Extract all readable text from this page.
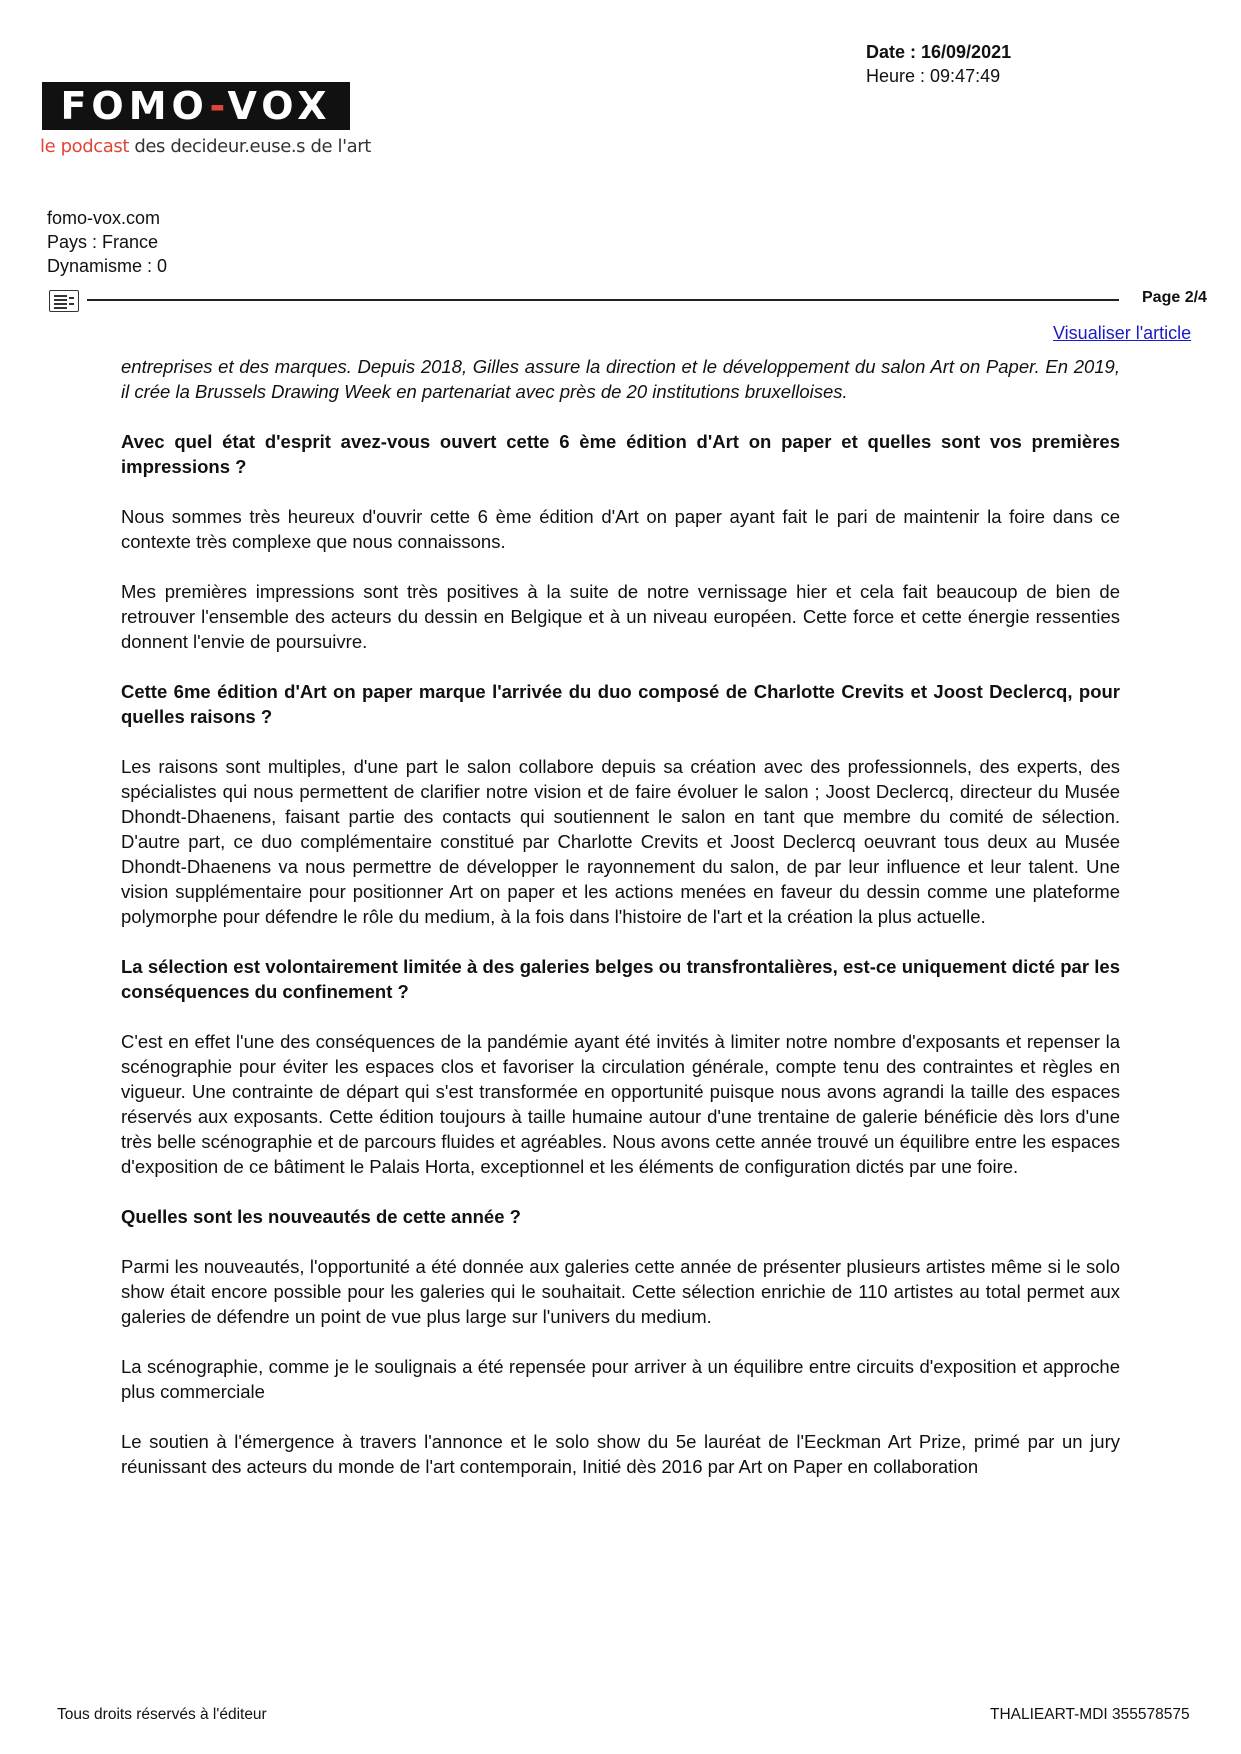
Date : 16/09/2021
Heure : 09:47:49
FOMO-VOX
le podcast des decideur.euse.s de l'art
fomo-vox.com
Pays : France
Dynamisme : 0
Page 2/4
Visualiser l'article

entreprises et des marques. Depuis 2018, Gilles assure la direction et le développement du salon Art on Paper. En 2019, il crée la Brussels Drawing Week en partenariat avec près de 20 institutions bruxelloises.

Avec quel état d'esprit avez-vous ouvert cette 6 ème édition d'Art on paper et quelles sont vos premières impressions ?

Nous sommes très heureux d'ouvrir cette 6 ème édition d'Art on paper ayant fait le pari de maintenir la foire dans ce contexte très complexe que nous connaissons.

Mes premières impressions sont très positives à la suite de notre vernissage hier et cela fait beaucoup de bien de retrouver l'ensemble des acteurs du dessin en Belgique et à un niveau européen. Cette force et cette énergie ressenties donnent l'envie de poursuivre.

Cette 6me édition d'Art on paper marque l'arrivée du duo composé de Charlotte Crevits et Joost Declercq, pour quelles raisons ?

Les raisons sont multiples, d'une part le salon collabore depuis sa création avec des professionnels, des experts, des spécialistes qui nous permettent de clarifier notre vision et de faire évoluer le salon ; Joost Declercq, directeur du Musée Dhondt-Dhaenens, faisant partie des contacts qui soutiennent le salon en tant que membre du comité de sélection. D'autre part, ce duo complémentaire constitué par Charlotte Crevits et Joost Declercq oeuvrant tous deux au Musée Dhondt-Dhaenens va nous permettre de développer le rayonnement du salon, de par leur influence et leur talent. Une vision supplémentaire pour positionner Art on paper et les actions menées en faveur du dessin comme une plateforme polymorphe pour défendre le rôle du medium, à la fois dans l'histoire de l'art et la création la plus actuelle.

La sélection est volontairement limitée à des galeries belges ou transfrontalières, est-ce uniquement dicté par les conséquences du confinement ?

C'est en effet l'une des conséquences de la pandémie ayant été invités à limiter notre nombre d'exposants et repenser la scénographie pour éviter les espaces clos et favoriser la circulation générale, compte tenu des contraintes et règles en vigueur. Une contrainte de départ qui s'est transformée en opportunité puisque nous avons agrandi la taille des espaces réservés aux exposants. Cette édition toujours à taille humaine autour d'une trentaine de galerie bénéficie dès lors d'une très belle scénographie et de parcours fluides et agréables. Nous avons cette année trouvé un équilibre entre les espaces d'exposition de ce bâtiment le Palais Horta, exceptionnel et les éléments de configuration dictés par une foire.

Quelles sont les nouveautés de cette année ?

Parmi les nouveautés, l'opportunité a été donnée aux galeries cette année de présenter plusieurs artistes même si le solo show était encore possible pour les galeries qui le souhaitait. Cette sélection enrichie de 110 artistes au total permet aux galeries de défendre un point de vue plus large sur l'univers du medium.

La scénographie, comme je le soulignais a été repensée pour arriver à un équilibre entre circuits d'exposition et approche plus commerciale

Le soutien à l'émergence à travers l'annonce et le solo show du 5e lauréat de l'Eeckman Art Prize, primé par un jury réunissant des acteurs du monde de l'art contemporain, Initié dès 2016 par Art on Paper en collaboration

Tous droits réservés à l'éditeur	THALIEART-MDI 355578575
